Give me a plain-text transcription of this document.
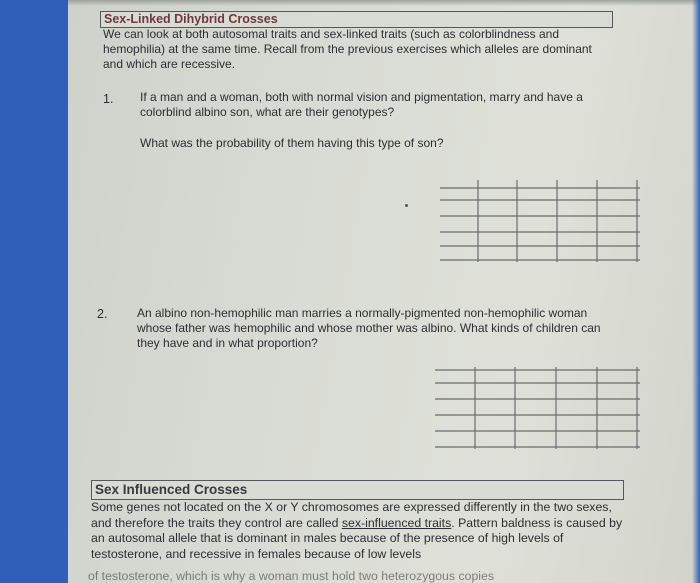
Sex-Linked Dihybrid Crosses
We can look at both autosomal traits and sex-linked traits (such as colorblindness and hemophilia) at the same time. Recall from the previous exercises which alleles are dominant and which are recessive.
1. If a man and a woman, both with normal vision and pigmentation, marry and have a colorblind albino son, what are their genotypes?
What was the probability of them having this type of son?
2. An albino non-hemophilic man marries a normally-pigmented non-hemophilic woman whose father was hemophilic and whose mother was albino. What kinds of children can they have and in what proportion?
Sex Influenced Crosses
Some genes not located on the X or Y chromosomes are expressed differently in the two sexes, and therefore the traits they control are called sex-influenced traits. Pattern baldness is caused by an autosomal allele that is dominant in males because of the presence of high levels of testosterone, and recessive in females because of low levels
of testosterone, which is why a woman must hold two heterozygous copies
